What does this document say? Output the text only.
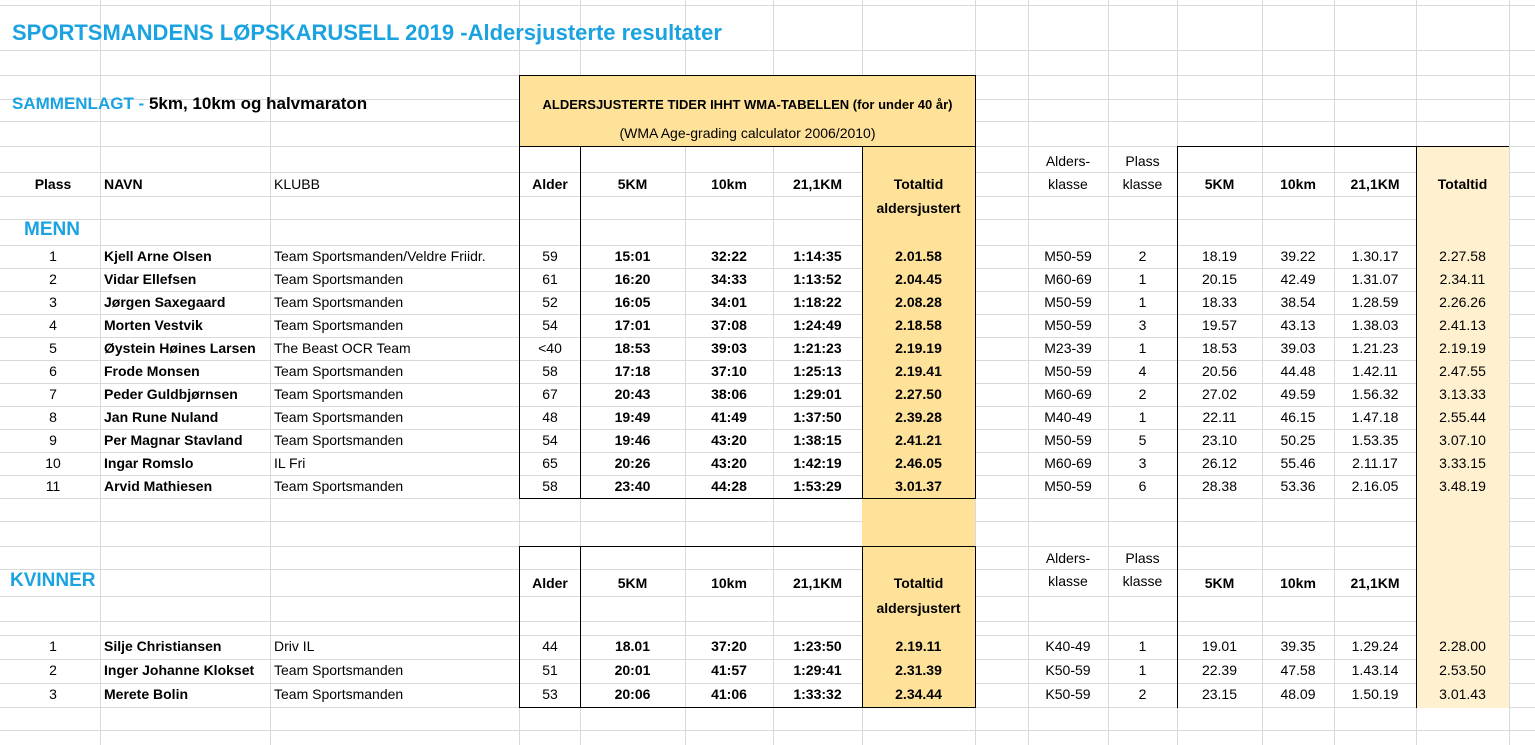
SPORTSMANDENS LØPSKARUSELL 2019 -Aldersjusterte resultater
SAMMENLAGT - 5km, 10km og halvmaraton	ALDERSJUSTERTE TIDER IHHT WMA-TABELLEN (for under 40 år)
(WMA Age-grading calculator 2006/2010)
Plass	NAVN	KLUBB	Alder	5KM	10km	21,1KM	Totaltid
aldersjustert
Alders-
klasse
Plass
klasse	5KM	10km	21,1KM	Totaltid
MENN
1	Kjell Arne Olsen	Team Sportsmanden/Veldre Friidr.	59	15:01	32:22	1:14:35	2.01.58	M50-59	2	18.19	39.22	1.30.17	2.27.58
2	Vidar Ellefsen	Team Sportsmanden	61	16:20	34:33	1:13:52	2.04.45	M60-69	1	20.15	42.49	1.31.07	2.34.11
3	Jørgen Saxegaard	Team Sportsmanden	52	16:05	34:01	1:18:22	2.08.28	M50-59	1	18.33	38.54	1.28.59	2.26.26
4	Morten Vestvik	Team Sportsmanden	54	17:01	37:08	1:24:49	2.18.58	M50-59	3	19.57	43.13	1.38.03	2.41.13
5	Øystein Høines Larsen	The Beast OCR Team	<40	18:53	39:03	1:21:23	2.19.19	M23-39	1	18.53	39.03	1.21.23	2.19.19
6	Frode Monsen	Team Sportsmanden	58	17:18	37:10	1:25:13	2.19.41	M50-59	4	20.56	44.48	1.42.11	2.47.55
7	Peder Guldbjørnsen	Team Sportsmanden	67	20:43	38:06	1:29:01	2.27.50	M60-69	2	27.02	49.59	1.56.32	3.13.33
8	Jan Rune Nuland	Team Sportsmanden	48	19:49	41:49	1:37:50	2.39.28	M40-49	1	22.11	46.15	1.47.18	2.55.44
9	Per Magnar Stavland	Team Sportsmanden	54	19:46	43:20	1:38:15	2.41.21	M50-59	5	23.10	50.25	1.53.35	3.07.10
10	Ingar Romslo	IL Fri	65	20:26	43:20	1:42:19	2.46.05	M60-69	3	26.12	55.46	2.11.17	3.33.15
11	Arvid Mathiesen	Team Sportsmanden	58	23:40	44:28	1:53:29	3.01.37	M50-59	6	28.38	53.36	2.16.05	3.48.19
KVINNER	Alder	5KM	10km	21,1KM	Totaltid
aldersjustert
Alders-
klasse
Plass
klasse	5KM	10km	21,1KM
1	Silje Christiansen	Driv IL	44	18.01	37:20	1:23:50	2.19.11	K40-49	1	19.01	39.35	1.29.24	2.28.00
2	Inger Johanne Klokset	Team Sportsmanden	51	20:01	41:57	1:29:41	2.31.39	K50-59	1	22.39	47.58	1.43.14	2.53.50
3	Merete Bolin	Team Sportsmanden	53	20:06	41:06	1:33:32	2.34.44	K50-59	2	23.15	48.09	1.50.19	3.01.43
